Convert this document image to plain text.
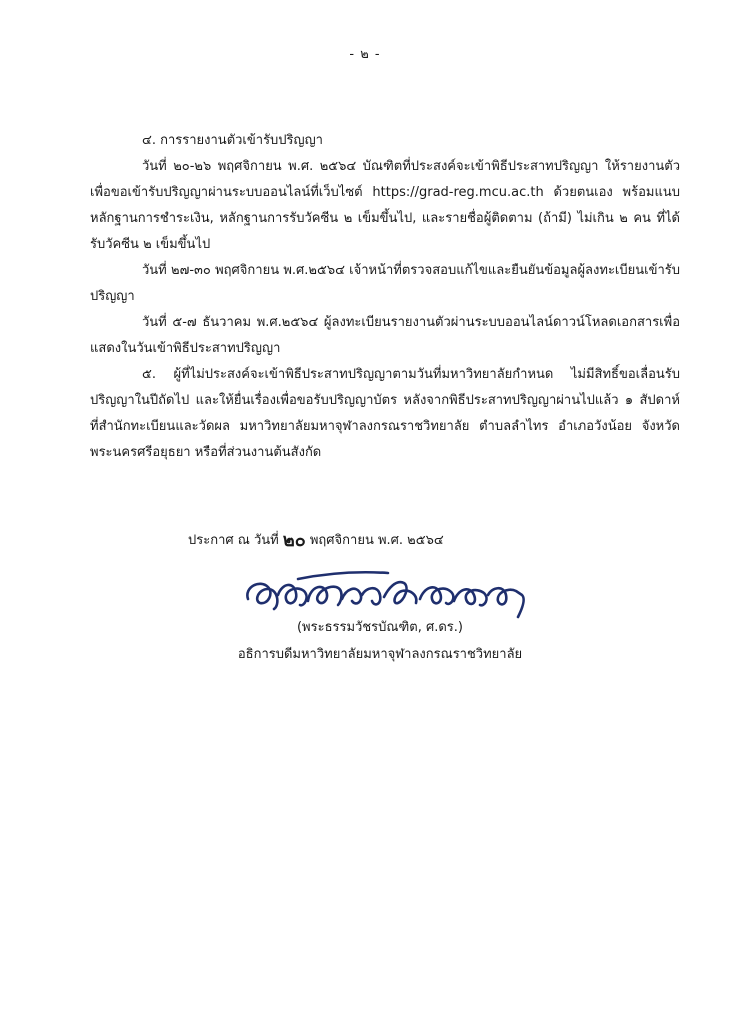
- ๒ -

๔. การรายงานตัวเข้ารับปริญญา

วันที่ ๒๐-๒๖ พฤศจิกายน พ.ศ. ๒๕๖๔ บัณฑิตที่ประสงค์จะเข้าพิธีประสาทปริญญา ให้รายงานตัวเพื่อขอเข้ารับปริญญาผ่านระบบออนไลน์ที่เว็บไซต์ https://grad-reg.mcu.ac.th ด้วยตนเอง พร้อมแนบหลักฐานการชำระเงิน, หลักฐานการรับวัคซีน ๒ เข็มขึ้นไป, และรายชื่อผู้ติดตาม (ถ้ามี) ไม่เกิน ๒ คน ที่ได้รับวัคซีน ๒ เข็มขึ้นไป

วันที่ ๒๗-๓๐ พฤศจิกายน พ.ศ.๒๕๖๔ เจ้าหน้าที่ตรวจสอบแก้ไขและยืนยันข้อมูลผู้ลงทะเบียนเข้ารับปริญญา

วันที่ ๕-๗ ธันวาคม พ.ศ.๒๕๖๔ ผู้ลงทะเบียนรายงานตัวผ่านระบบออนไลน์ดาวน์โหลดเอกสารเพื่อแสดงในวันเข้าพิธีประสาทปริญญา

๕. ผู้ที่ไม่ประสงค์จะเข้าพิธีประสาทปริญญาตามวันที่มหาวิทยาลัยกำหนด ไม่มีสิทธิ์ขอเลื่อนรับปริญญาในปีถัดไป และให้ยื่นเรื่องเพื่อขอรับปริญญาบัตร หลังจากพิธีประสาทปริญญาผ่านไปแล้ว ๑ สัปดาห์ ที่สำนักทะเบียนและวัดผล มหาวิทยาลัยมหาจุฬาลงกรณราชวิทยาลัย ตำบลลำไทร อำเภอวังน้อย จังหวัดพระนครศรีอยุธยา หรือที่ส่วนงานต้นสังกัด

ประกาศ ณ วันที่ ๒๐ พฤศจิกายน พ.ศ. ๒๕๖๔
(พระธรรมวัชรบัณฑิต, ศ.ดร.)
อธิการบดีมหาวิทยาลัยมหาจุฬาลงกรณราชวิทยาลัย
